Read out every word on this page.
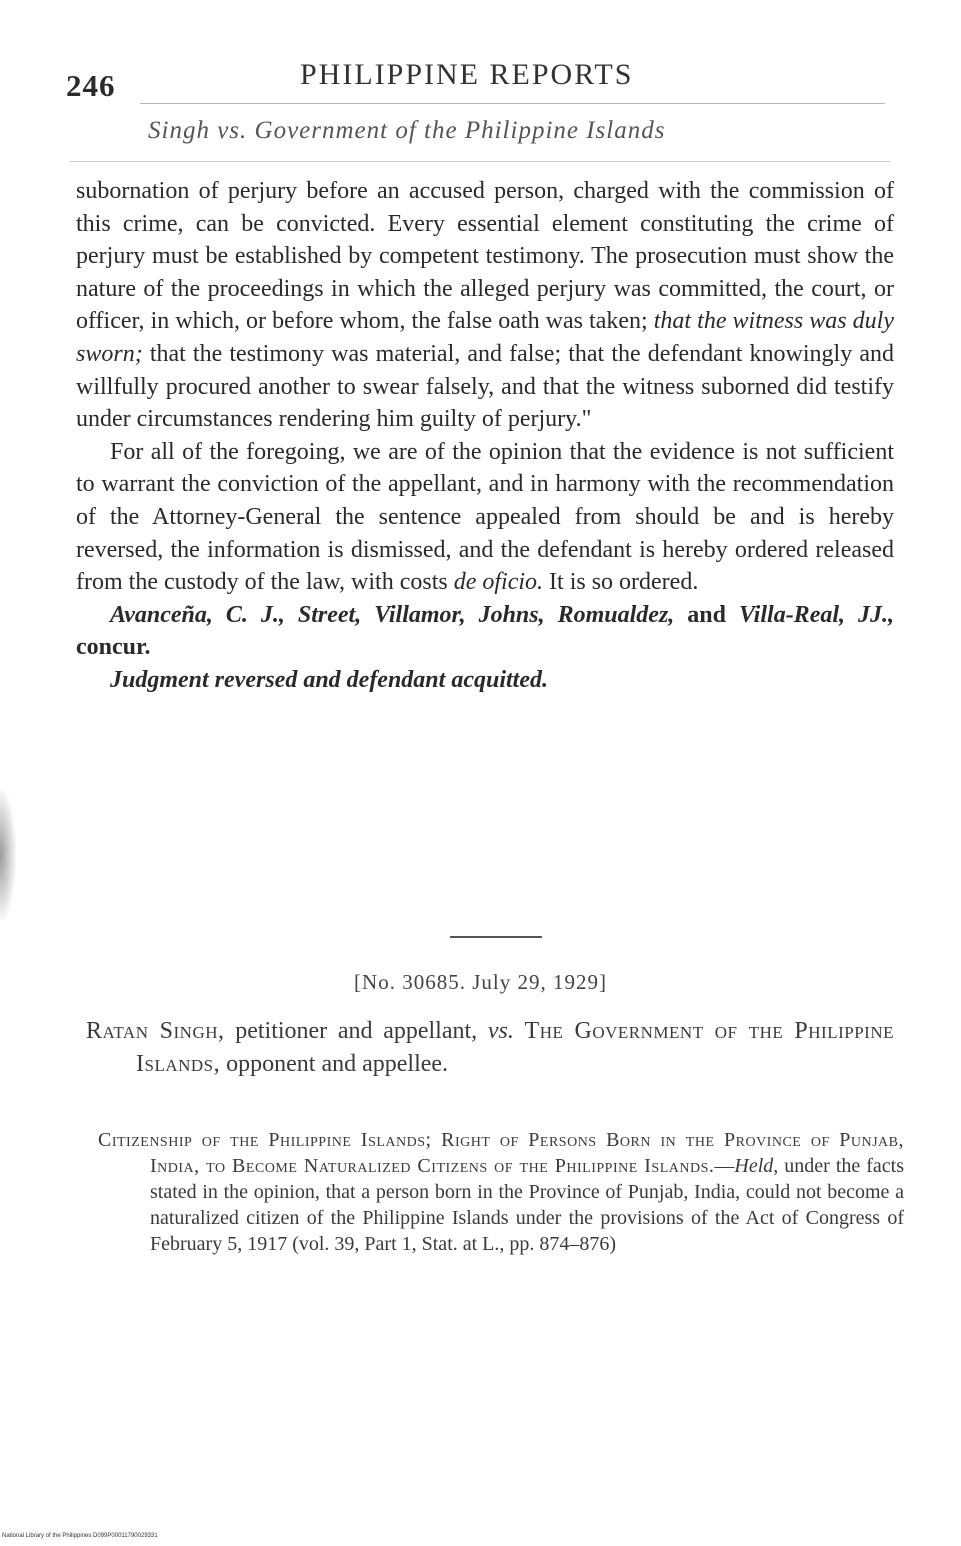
246	PHILIPPINE REPORTS
Singh vs. Government of the Philippine Islands

subornation of perjury before an accused person, charged with the commission of this crime, can be convicted. Every essential element constituting the crime of perjury must be established by competent testimony. The prosecution must show the nature of the proceedings in which the alleged perjury was committed, the court, or officer, in which, or before whom, the false oath was taken; that the witness was duly sworn; that the testimony was material, and false; that the defendant knowingly and willfully procured another to swear falsely, and that the witness suborned did testify under circumstances rendering him guilty of perjury."

For all of the foregoing, we are of the opinion that the evidence is not sufficient to warrant the conviction of the appellant, and in harmony with the recommendation of the Attorney-General the sentence appealed from should be and is hereby reversed, the information is dismissed, and the defendant is hereby ordered released from the custody of the law, with costs de oficio. It is so ordered.

Avanceña, C. J., Street, Villamor, Johns, Romualdez, and Villa-Real, JJ., concur.

Judgment reversed and defendant acquitted.

[No. 30685. July 29, 1929]

Ratan Singh, petitioner and appellant, vs. The Government of the Philippine Islands, opponent and appellee.

Citizenship of the Philippine Islands; Right of Persons Born in the Province of Punjab, India, to Become Naturalized Citizens of the Philippine Islands.—Held, under the facts stated in the opinion, that a person born in the Province of Punjab, India, could not become a naturalized citizen of the Philippine Islands under the provisions of the Act of Congress of February 5, 1917 (vol. 39, Part 1, Stat. at L., pp. 874–876)

National Library of the Philippines D099P00011790029331
